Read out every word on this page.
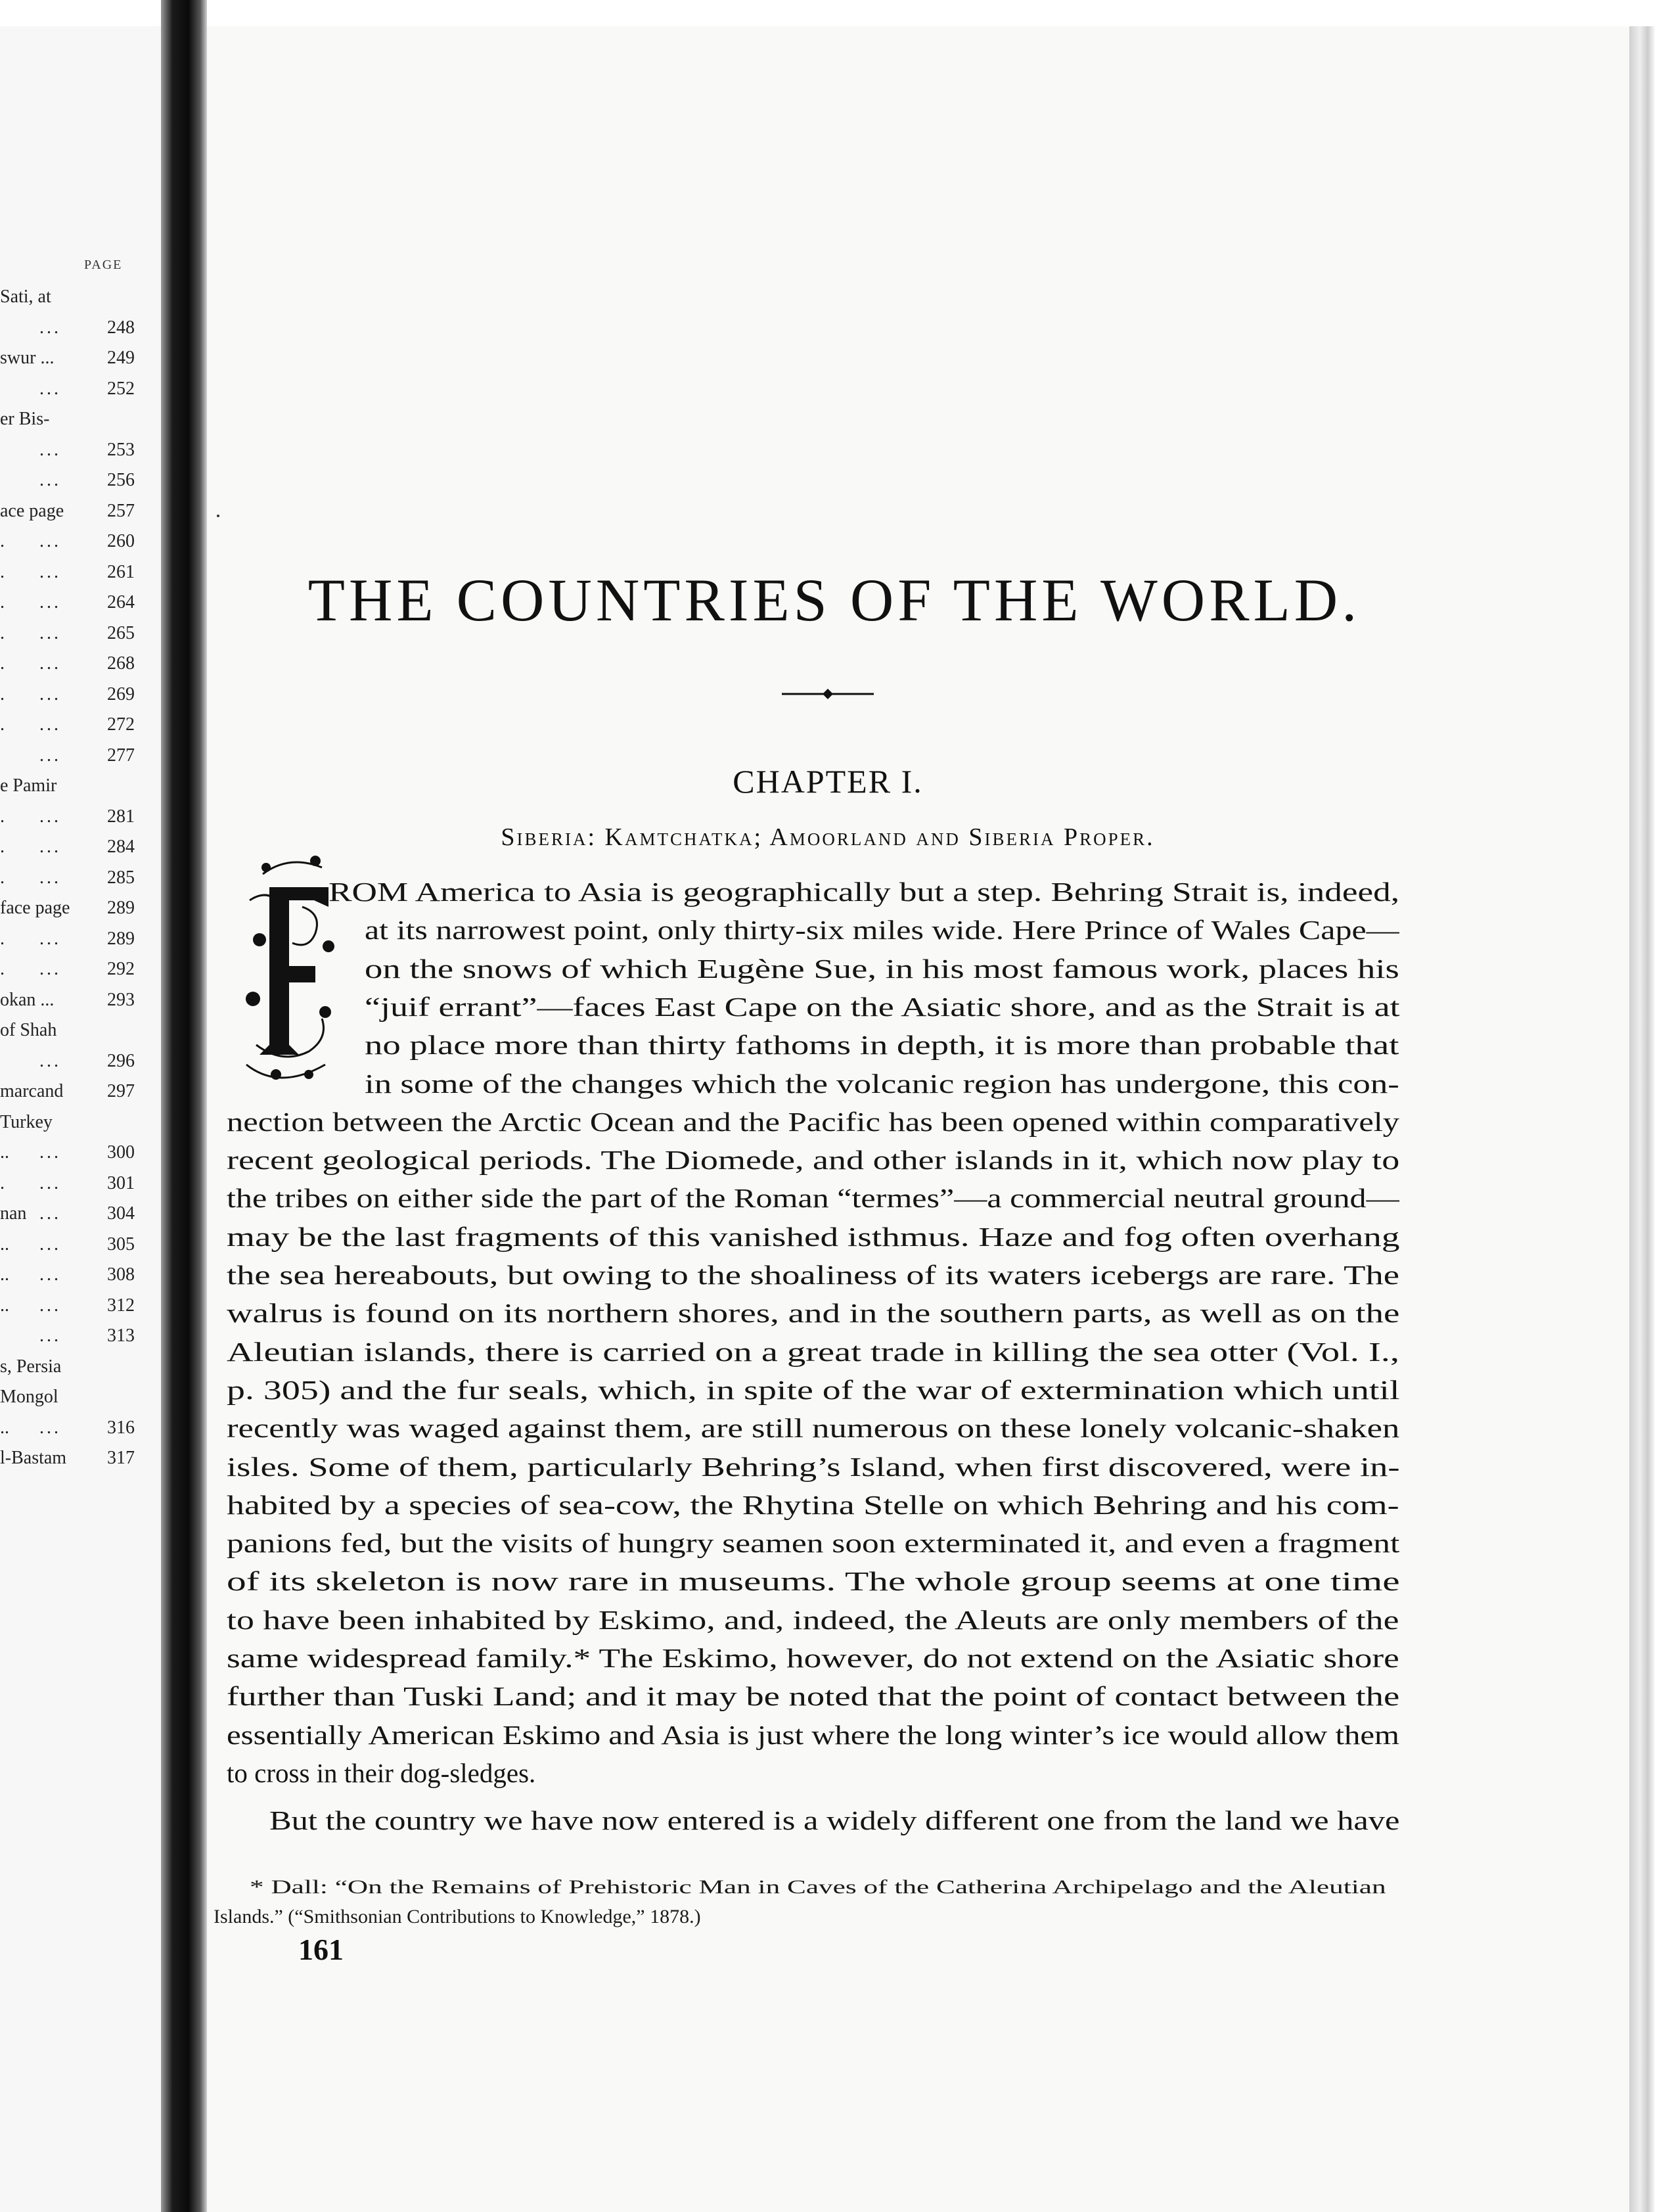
PAGE
Sati, at
...	248
swur ...	249
...	252
er Bis-
...	253
...	256
ace page 257
. ...	260
. ...	261
. ...	264
. ...	265
. ...	268
. ...	269
. ...	272
...	277
e Pamir
. ...	281
. ...	284
. ...	285
face page 289
. ...	289
. ...	292
okan ...	293
of Shah
...	296
marcand 297
Turkey
.. ...	300
. ...	301
nan ...	304
.. ...	305
.. ...	308
.. ...	312
...	313
s, Persia
Mongol
.. ...	316
l-Bastam 317
THE COUNTRIES OF THE WORLD.
CHAPTER I.
Siberia: Kamtchatka; Amoorland and Siberia Proper.
ROM America to Asia is geographically but a step. Behring Strait is, indeed,
at its narrowest point, only thirty-six miles wide. Here Prince of Wales Cape—
on the snows of which Eugène Sue, in his most famous work, places his
“juif errant”—faces East Cape on the Asiatic shore, and as the Strait is at
no place more than thirty fathoms in depth, it is more than probable that
in some of the changes which the volcanic region has undergone, this con-
nection between the Arctic Ocean and the Pacific has been opened within comparatively
recent geological periods. The Diomede, and other islands in it, which now play to
the tribes on either side the part of the Roman “termes”—a commercial neutral ground—
may be the last fragments of this vanished isthmus. Haze and fog often overhang
the sea hereabouts, but owing to the shoaliness of its waters icebergs are rare. The
walrus is found on its northern shores, and in the southern parts, as well as on the
Aleutian islands, there is carried on a great trade in killing the sea otter (Vol. I.,
p. 305) and the fur seals, which, in spite of the war of extermination which until
recently was waged against them, are still numerous on these lonely volcanic-shaken
isles. Some of them, particularly Behring’s Island, when first discovered, were in-
habited by a species of sea-cow, the Rhytina Stelle on which Behring and his com-
panions fed, but the visits of hungry seamen soon exterminated it, and even a fragment
of its skeleton is now rare in museums. The whole group seems at one time
to have been inhabited by Eskimo, and, indeed, the Aleuts are only members of the
same widespread family.* The Eskimo, however, do not extend on the Asiatic shore
further than Tuski Land; and it may be noted that the point of contact between the
essentially American Eskimo and Asia is just where the long winter’s ice would allow them
to cross in their dog-sledges.
But the country we have now entered is a widely different one from the land we have
* Dall: “On the Remains of Prehistoric Man in Caves of the Catherina Archipelago and the Aleutian
Islands.” (“Smithsonian Contributions to Knowledge,” 1878.)
161
